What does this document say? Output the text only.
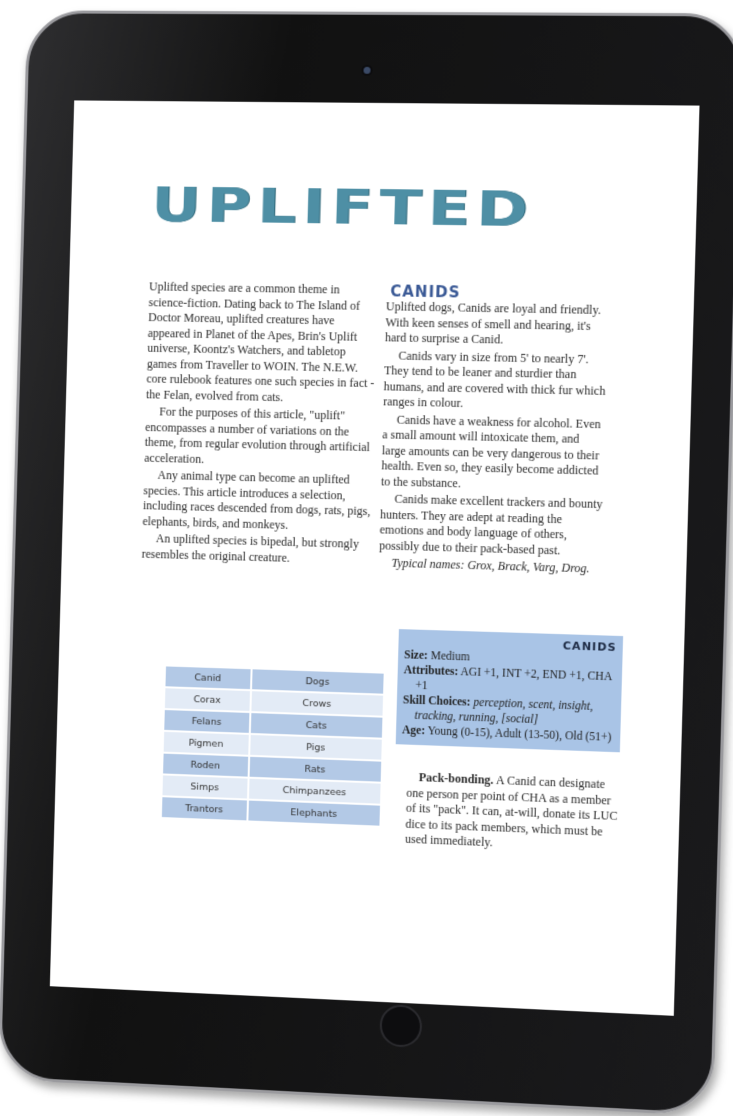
UPLIFTED

Uplifted species are a common theme in science-fiction. Dating back to The Island of Doctor Moreau, uplifted creatures have appeared in Planet of the Apes, Brin's Uplift universe, Koontz's Watchers, and tabletop games from Traveller to WOIN. The N.E.W. core rulebook features one such species in fact - the Felan, evolved from cats.

For the purposes of this article, "uplift" encompasses a number of variations on the theme, from regular evolution through artificial acceleration.

Any animal type can become an uplifted species. This article introduces a selection, including races descended from dogs, rats, pigs, elephants, birds, and monkeys.

An uplifted species is bipedal, but strongly resembles the original creature.

CANIDS

Uplifted dogs, Canids are loyal and friendly. With keen senses of smell and hearing, it's hard to surprise a Canid.

Canids vary in size from 5' to nearly 7'. They tend to be leaner and sturdier than humans, and are covered with thick fur which ranges in colour.

Canids have a weakness for alcohol. Even a small amount will intoxicate them, and large amounts can be very dangerous to their health. Even so, they easily become addicted to the substance.

Canids make excellent trackers and bounty hunters. They are adept at reading the emotions and body language of others, possibly due to their pack-based past.

Typical names: Grox, Brack, Varg, Drog.

CANIDS

Size: Medium

Attributes: AGI +1, INT +2, END +1, CHA +1

Skill Choices: perception, scent, insight, tracking, running, [social]

Age: Young (0-15), Adult (13-50), Old (51+)

Pack-bonding. A Canid can designate one person per point of CHA as a member of its "pack". It can, at-will, donate its LUC dice to its pack members, which must be used immediately.

Canid	Dogs
Corax	Crows
Felans	Cats
Pigmen	Pigs
Roden	Rats
Simps	Chimpanzees
Trantors	Elephants
